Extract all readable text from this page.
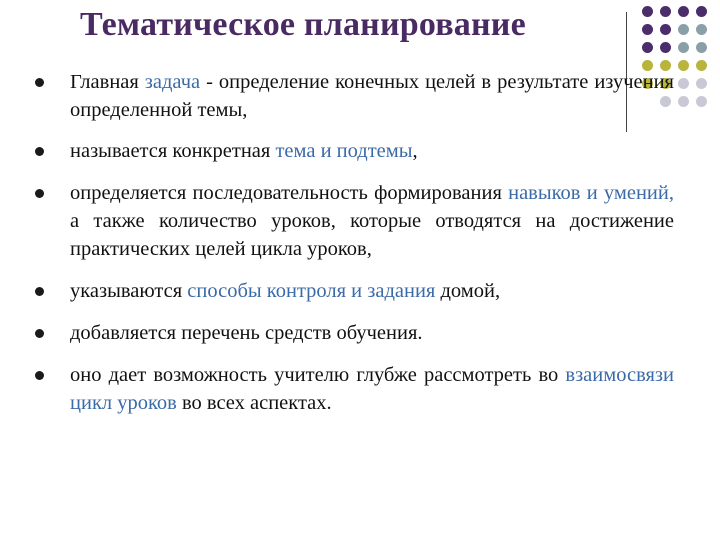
Тематическое планирование
Главная задача - определение конечных целей в результате изучения определенной темы,
называется конкретная тема и подтемы,
определяется последовательность формирования навыков и умений, а также количество уроков, которые отводятся на достижение практических целей цикла уроков,
указываются способы контроля и задания домой,
добавляется перечень средств обучения.
оно дает возможность учителю глубже рассмотреть во взаимосвязи цикл уроков во всех аспектах.
